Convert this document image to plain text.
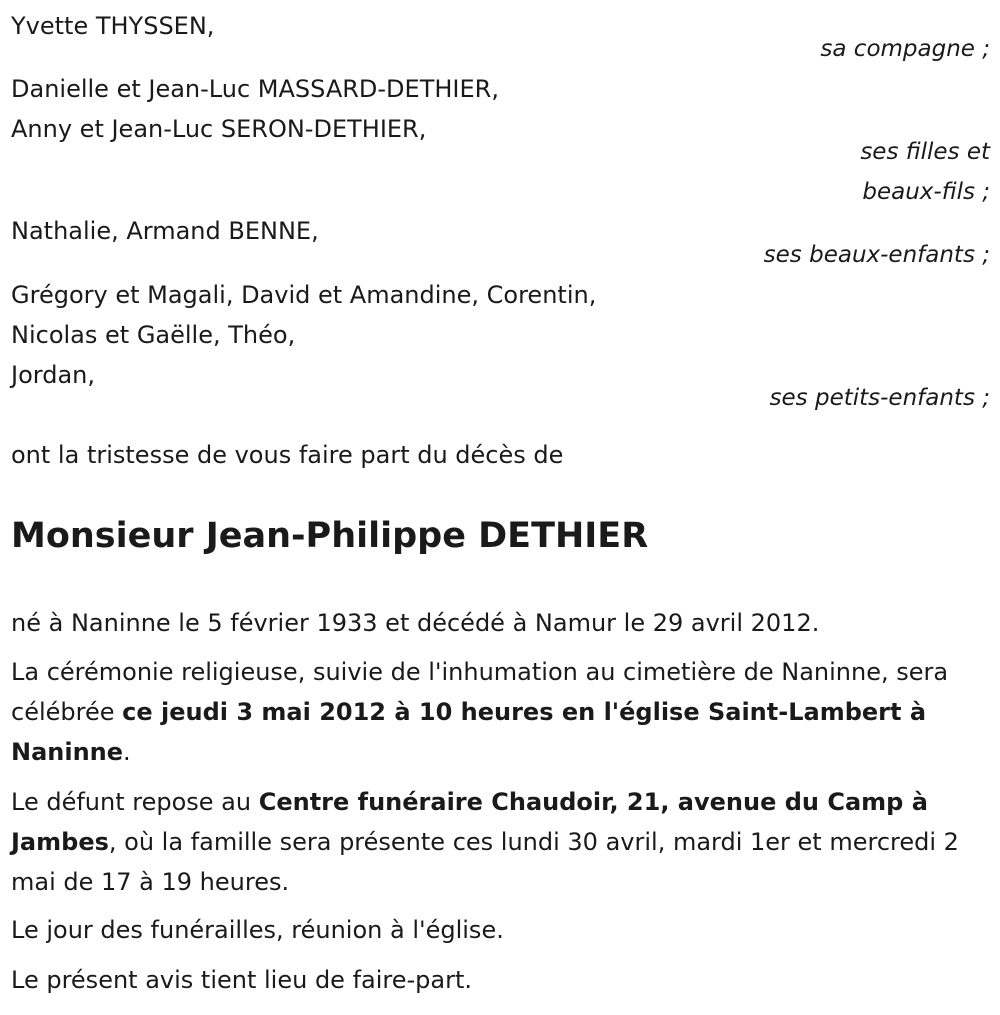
Yvette THYSSEN,
sa compagne ;
Danielle et Jean-Luc MASSARD-DETHIER,
Anny et Jean-Luc SERON-DETHIER,
ses filles et
beaux-fils ;
Nathalie, Armand BENNE,
ses beaux-enfants ;
Grégory et Magali, David et Amandine, Corentin,
Nicolas et Gaëlle, Théo,
Jordan,
ses petits-enfants ;
ont la tristesse de vous faire part du décès de
Monsieur Jean-Philippe DETHIER
né à Naninne le 5 février 1933 et décédé à Namur le 29 avril 2012.
La cérémonie religieuse, suivie de l'inhumation au cimetière de Naninne, sera célébrée ce jeudi 3 mai 2012 à 10 heures en l'église Saint-Lambert à Naninne.
Le défunt repose au Centre funéraire Chaudoir, 21, avenue du Camp à Jambes, où la famille sera présente ces lundi 30 avril, mardi 1er et mercredi 2 mai de 17 à 19 heures.
Le jour des funérailles, réunion à l'église.
Le présent avis tient lieu de faire-part.
